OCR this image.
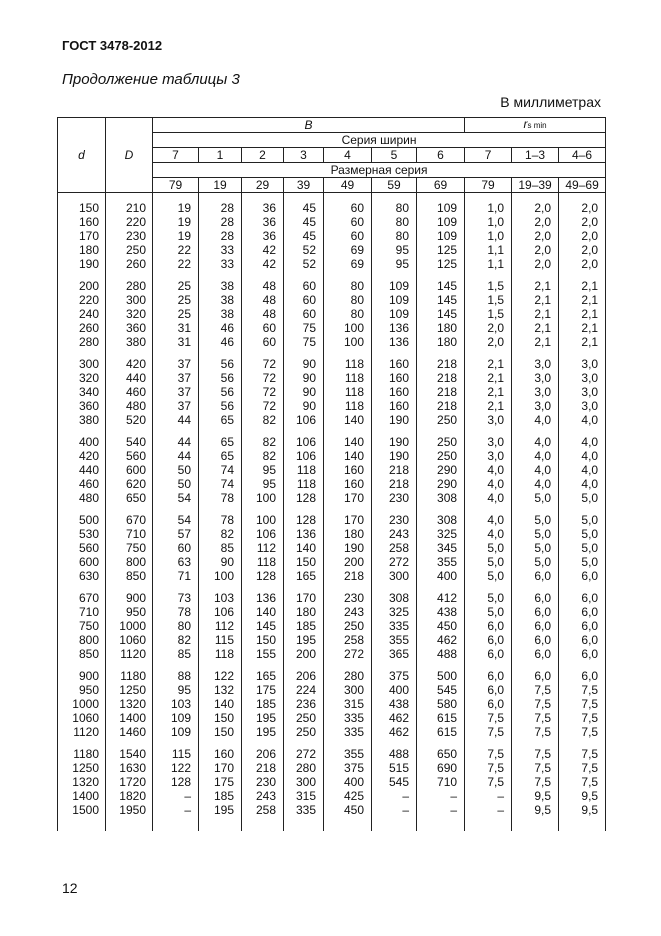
ГОСТ 3478-2012
Продолжение таблицы 3
В миллиметрах
d	D	B							rs min		
		Серия ширин									
		7	1	2	3	4	5	6	7	1–3	4–6
		Размерная серия									
		79	19	29	39	49	59	69	79	19–39	49–69
150	210	19	28	36	45	60	80	109	1,0	2,0	2,0
160	220	19	28	36	45	60	80	109	1,0	2,0	2,0
170	230	19	28	36	45	60	80	109	1,0	2,0	2,0
180	250	22	33	42	52	69	95	125	1,1	2,0	2,0
190	260	22	33	42	52	69	95	125	1,1	2,0	2,0
200	280	25	38	48	60	80	109	145	1,5	2,1	2,1
220	300	25	38	48	60	80	109	145	1,5	2,1	2,1
240	320	25	38	48	60	80	109	145	1,5	2,1	2,1
260	360	31	46	60	75	100	136	180	2,0	2,1	2,1
280	380	31	46	60	75	100	136	180	2,0	2,1	2,1
300	420	37	56	72	90	118	160	218	2,1	3,0	3,0
320	440	37	56	72	90	118	160	218	2,1	3,0	3,0
340	460	37	56	72	90	118	160	218	2,1	3,0	3,0
360	480	37	56	72	90	118	160	218	2,1	3,0	3,0
380	520	44	65	82	106	140	190	250	3,0	4,0	4,0
400	540	44	65	82	106	140	190	250	3,0	4,0	4,0
420	560	44	65	82	106	140	190	250	3,0	4,0	4,0
440	600	50	74	95	118	160	218	290	4,0	4,0	4,0
460	620	50	74	95	118	160	218	290	4,0	4,0	4,0
480	650	54	78	100	128	170	230	308	4,0	5,0	5,0
500	670	54	78	100	128	170	230	308	4,0	5,0	5,0
530	710	57	82	106	136	180	243	325	4,0	5,0	5,0
560	750	60	85	112	140	190	258	345	5,0	5,0	5,0
600	800	63	90	118	150	200	272	355	5,0	5,0	5,0
630	850	71	100	128	165	218	300	400	5,0	6,0	6,0
670	900	73	103	136	170	230	308	412	5,0	6,0	6,0
710	950	78	106	140	180	243	325	438	5,0	6,0	6,0
750	1000	80	112	145	185	250	335	450	6,0	6,0	6,0
800	1060	82	115	150	195	258	355	462	6,0	6,0	6,0
850	1120	85	118	155	200	272	365	488	6,0	6,0	6,0
900	1180	88	122	165	206	280	375	500	6,0	6,0	6,0
950	1250	95	132	175	224	300	400	545	6,0	7,5	7,5
1000	1320	103	140	185	236	315	438	580	6,0	7,5	7,5
1060	1400	109	150	195	250	335	462	615	7,5	7,5	7,5
1120	1460	109	150	195	250	335	462	615	7,5	7,5	7,5
1180	1540	115	160	206	272	355	488	650	7,5	7,5	7,5
1250	1630	122	170	218	280	375	515	690	7,5	7,5	7,5
1320	1720	128	175	230	300	400	545	710	7,5	7,5	7,5
1400	1820	–	185	243	315	425	–	–	–	9,5	9,5
1500	1950	–	195	258	335	450	–	–	–	9,5	9,5

12
